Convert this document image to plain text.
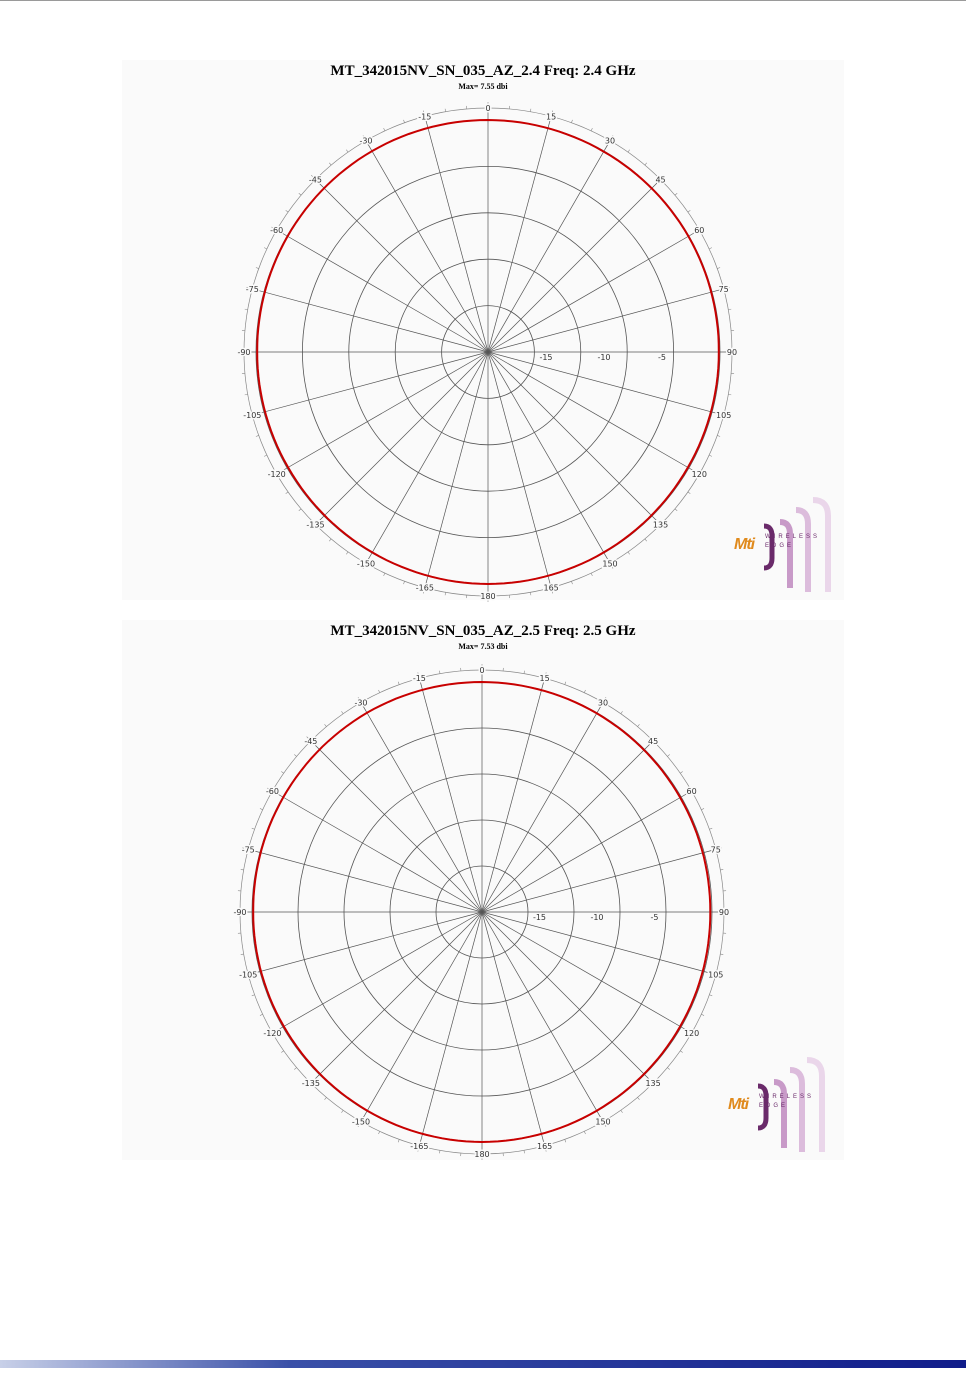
MT_342015NV_SN_035_AZ_2.4 Freq: 2.4 GHz
Max= 7.55 dbi
0
15
30
45
60
75
90
105
120
135
150
165
180
-165
-150
-135
-120
-105
-90
-75
-60
-45
-30
-15
-15	-10	-5
Mti WIRELESS
EDGE
MT_342015NV_SN_035_AZ_2.5 Freq: 2.5 GHz
Max= 7.53 dbi
0
15
30
45
60
75
90
105
120
135
150
165
180
-165
-150
-135
-120
-105
-90
-75
-60
-45
-30
-15
-15	-10	-5
Mti WIRELESS
EDGE
